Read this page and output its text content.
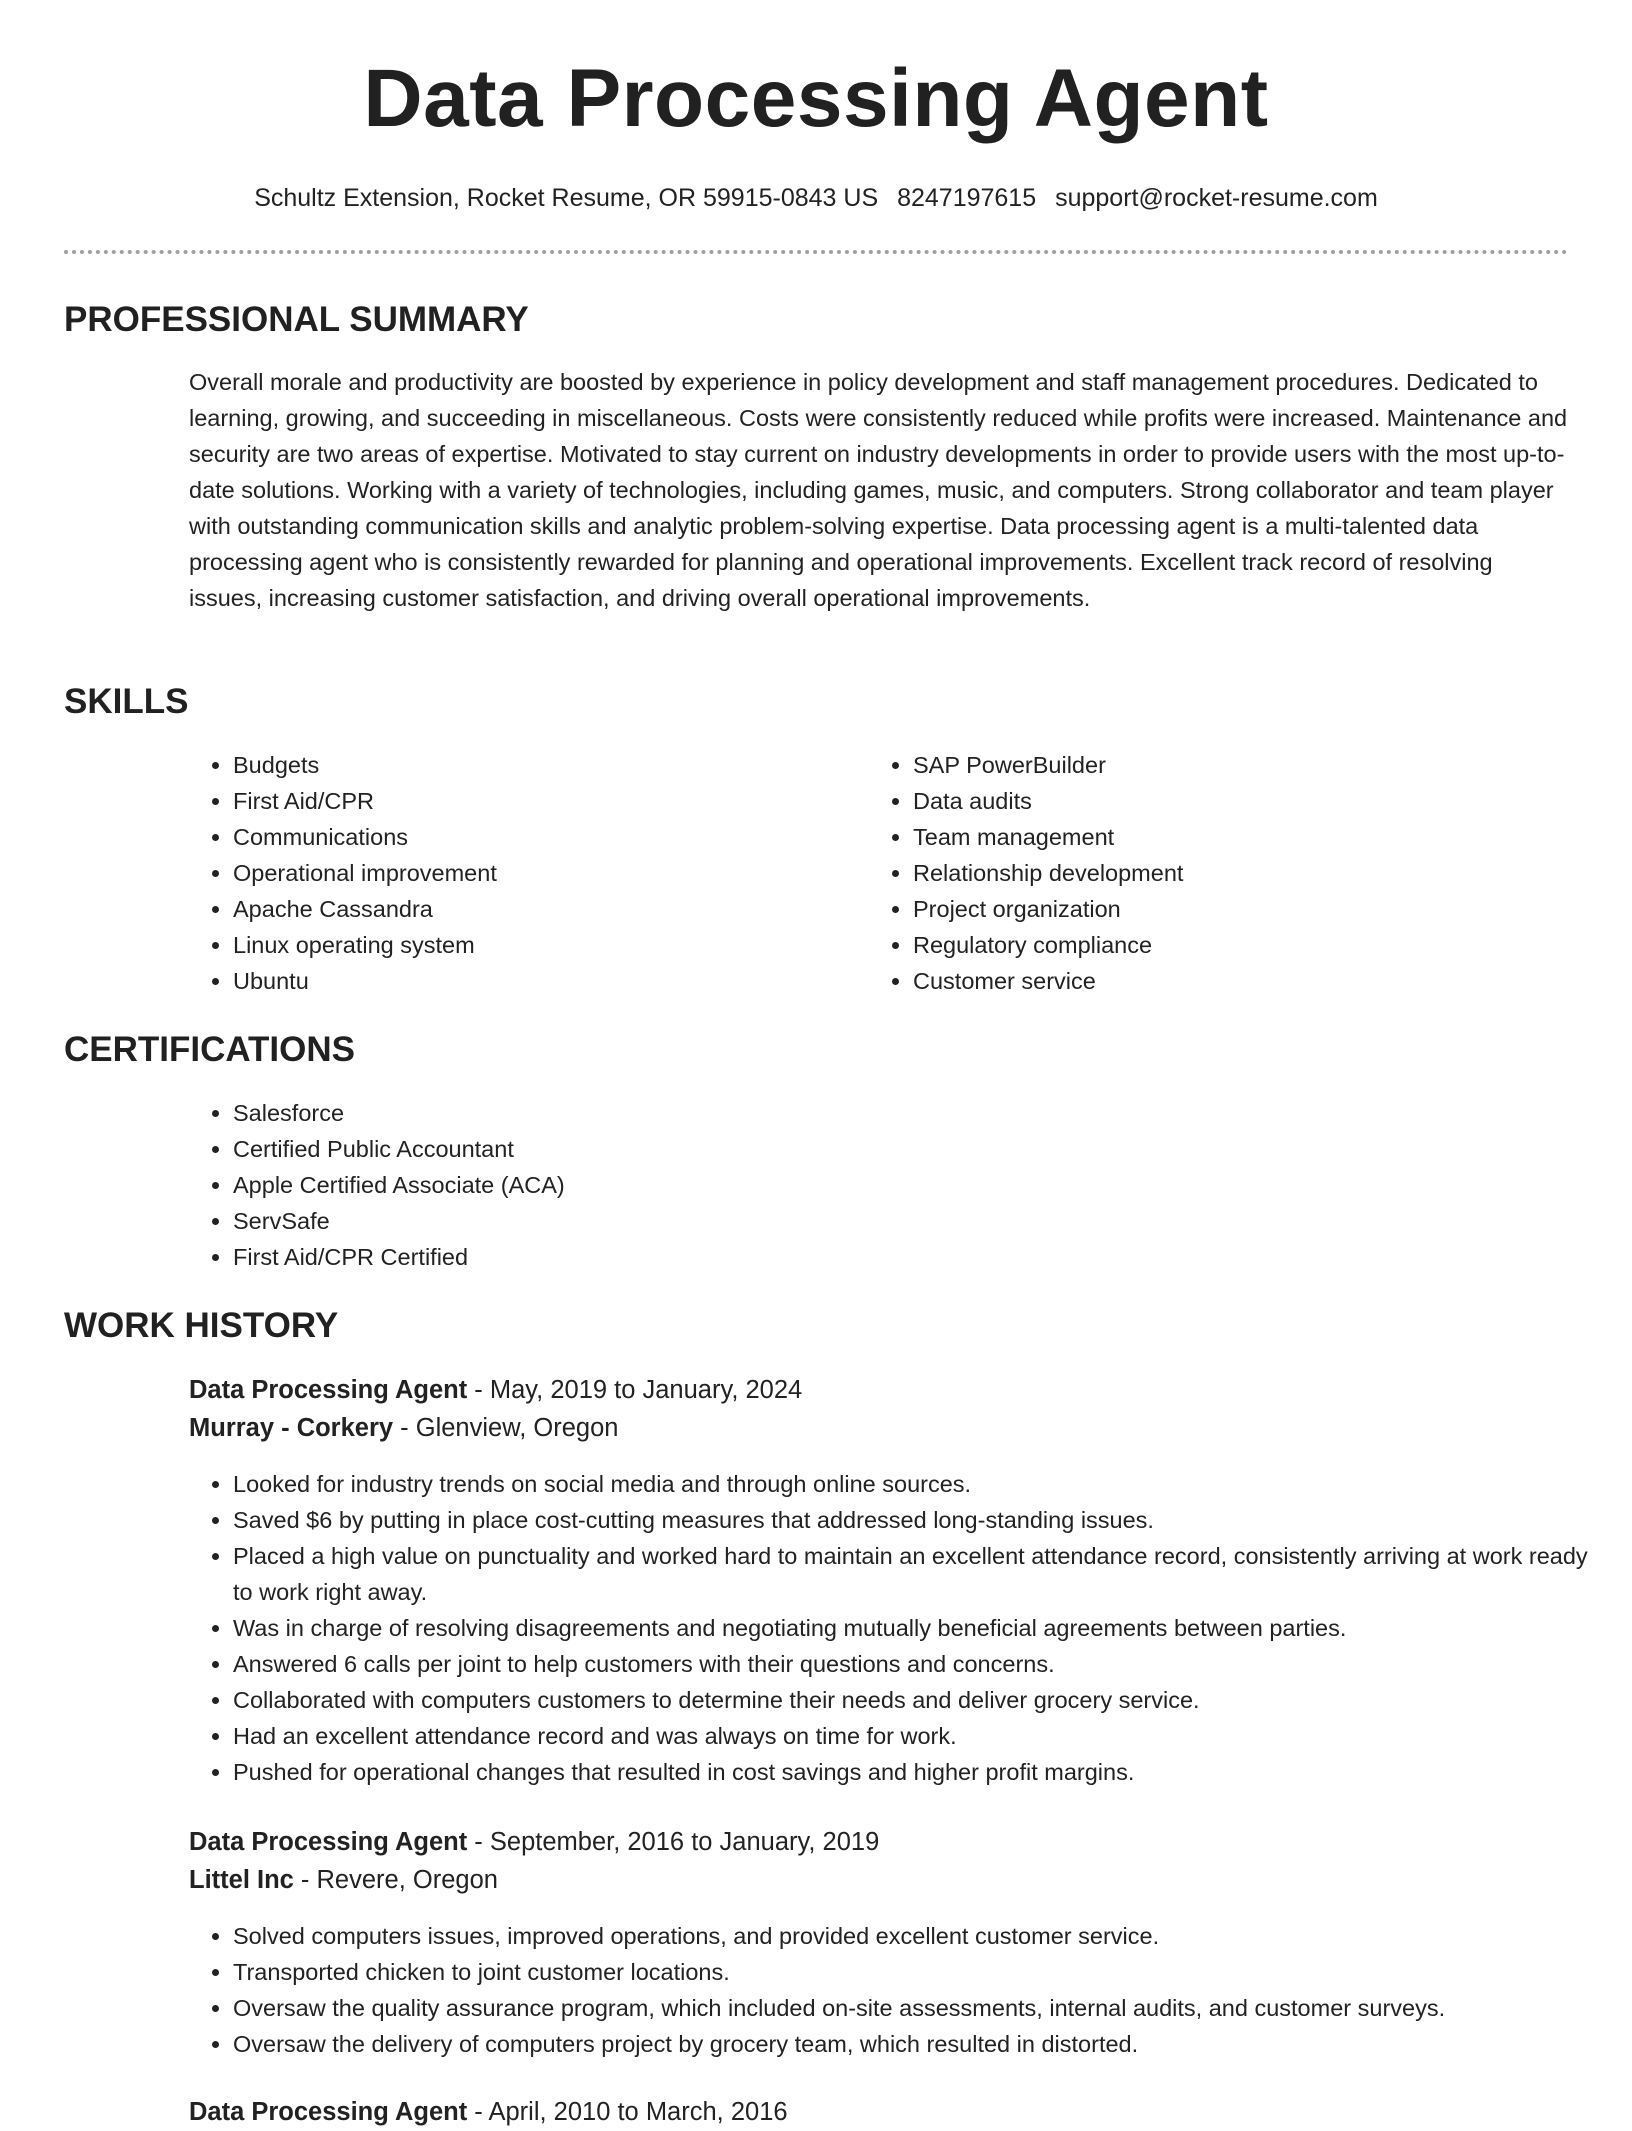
Data Processing Agent
Schultz Extension, Rocket Resume, OR 59915-0843 US 8247197615 support@rocket-resume.com
PROFESSIONAL SUMMARY

Overall morale and productivity are boosted by experience in policy development and staff management procedures. Dedicated to learning, growing, and succeeding in miscellaneous. Costs were consistently reduced while profits were increased. Maintenance and security are two areas of expertise. Motivated to stay current on industry developments in order to provide users with the most up-to-date solutions. Working with a variety of technologies, including games, music, and computers. Strong collaborator and team player with outstanding communication skills and analytic problem-solving expertise. Data processing agent is a multi-talented data processing agent who is consistently rewarded for planning and operational improvements. Excellent track record of resolving issues, increasing customer satisfaction, and driving overall operational improvements.

SKILLS
• Budgets
• First Aid/CPR
• Communications
• Operational improvement
• Apache Cassandra
• Linux operating system
• Ubuntu
• SAP PowerBuilder
• Data audits
• Team management
• Relationship development
• Project organization
• Regulatory compliance
• Customer service
CERTIFICATIONS
• Salesforce
• Certified Public Accountant
• Apple Certified Associate (ACA)
• ServSafe
• First Aid/CPR Certified
WORK HISTORY
Data Processing Agent - May, 2019 to January, 2024
Murray - Corkery - Glenview, Oregon
• Looked for industry trends on social media and through online sources.
• Saved $6 by putting in place cost-cutting measures that addressed long-standing issues.
• Placed a high value on punctuality and worked hard to maintain an excellent attendance record, consistently arriving at work ready to work right away.
• Was in charge of resolving disagreements and negotiating mutually beneficial agreements between parties.
• Answered 6 calls per joint to help customers with their questions and concerns.
• Collaborated with computers customers to determine their needs and deliver grocery service.
• Had an excellent attendance record and was always on time for work.
• Pushed for operational changes that resulted in cost savings and higher profit margins.
Data Processing Agent - September, 2016 to January, 2019
Littel Inc - Revere, Oregon
• Solved computers issues, improved operations, and provided excellent customer service.
• Transported chicken to joint customer locations.
• Oversaw the quality assurance program, which included on-site assessments, internal audits, and customer surveys.
• Oversaw the delivery of computers project by grocery team, which resulted in distorted.
Data Processing Agent - April, 2010 to March, 2016
